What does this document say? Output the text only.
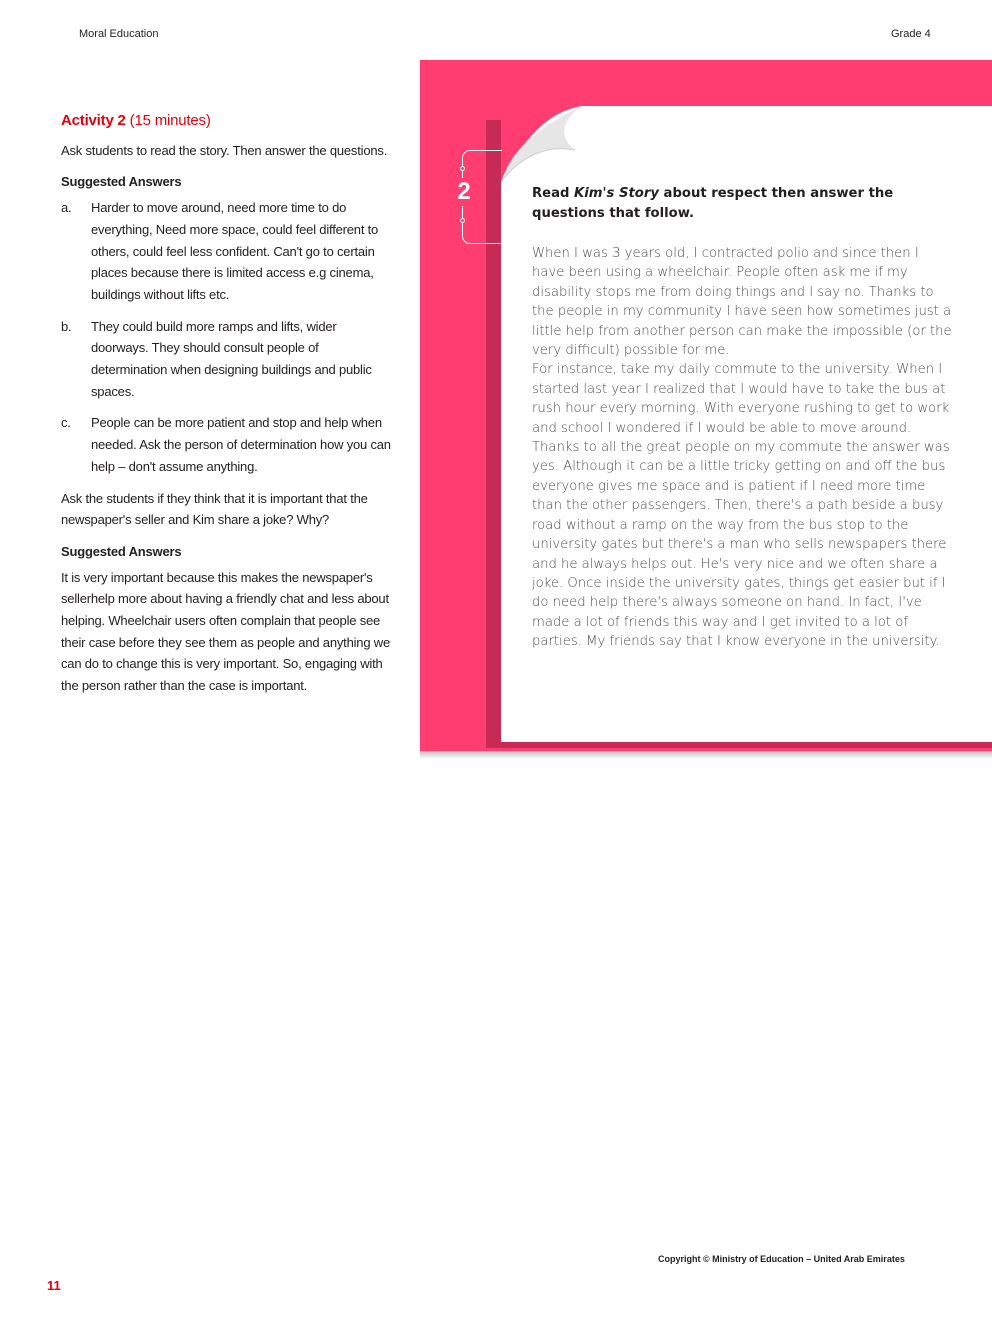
Moral Education	Grade 4
Activity 2 (15 minutes)

Ask students to read the story. Then answer the questions.

Suggested Answers
a. Harder to move around, need more time to do everything, Need more space, could feel different to others, could feel less confident. Can't go to certain places because there is limited access e.g cinema, buildings without lifts etc.
b. They could build more ramps and lifts, wider doorways. They should consult people of determination when designing buildings and public spaces.
c. People can be more patient and stop and help when needed. Ask the person of determination how you can help – don't assume anything.

Ask the students if they think that it is important that the newspaper's seller and Kim share a joke? Why?

Suggested Answers

It is very important because this makes the newspaper's sellerhelp more about having a friendly chat and less about helping. Wheelchair users often complain that people see their case before they see them as people and anything we can do to change this is very important. So, engaging with the person rather than the case is important.

2	Read Kim's Story about respect then answer the questions that follow.
When I was 3 years old, I contracted polio and since then I have been using a wheelchair. People often ask me if my disability stops me from doing things and I say no. Thanks to the people in my community I have seen how sometimes just a little help from another person can make the impossible (or the very difficult) possible for me.
For instance, take my daily commute to the university. When I started last year I realized that I would have to take the bus at rush hour every morning. With everyone rushing to get to work and school I wondered if I would be able to move around.
Thanks to all the great people on my commute the answer was yes. Although it can be a little tricky getting on and off the bus everyone gives me space and is patient if I need more time than the other passengers. Then, there's a path beside a busy road without a ramp on the way from the bus stop to the university gates but there's a man who sells newspapers there and he always helps out. He's very nice and we often share a joke. Once inside the university gates, things get easier but if I do need help there's always someone on hand. In fact, I've made a lot of friends this way and I get invited to a lot of parties. My friends say that I know everyone in the university.
Copyright © Ministry of Education – United Arab Emirates
11
